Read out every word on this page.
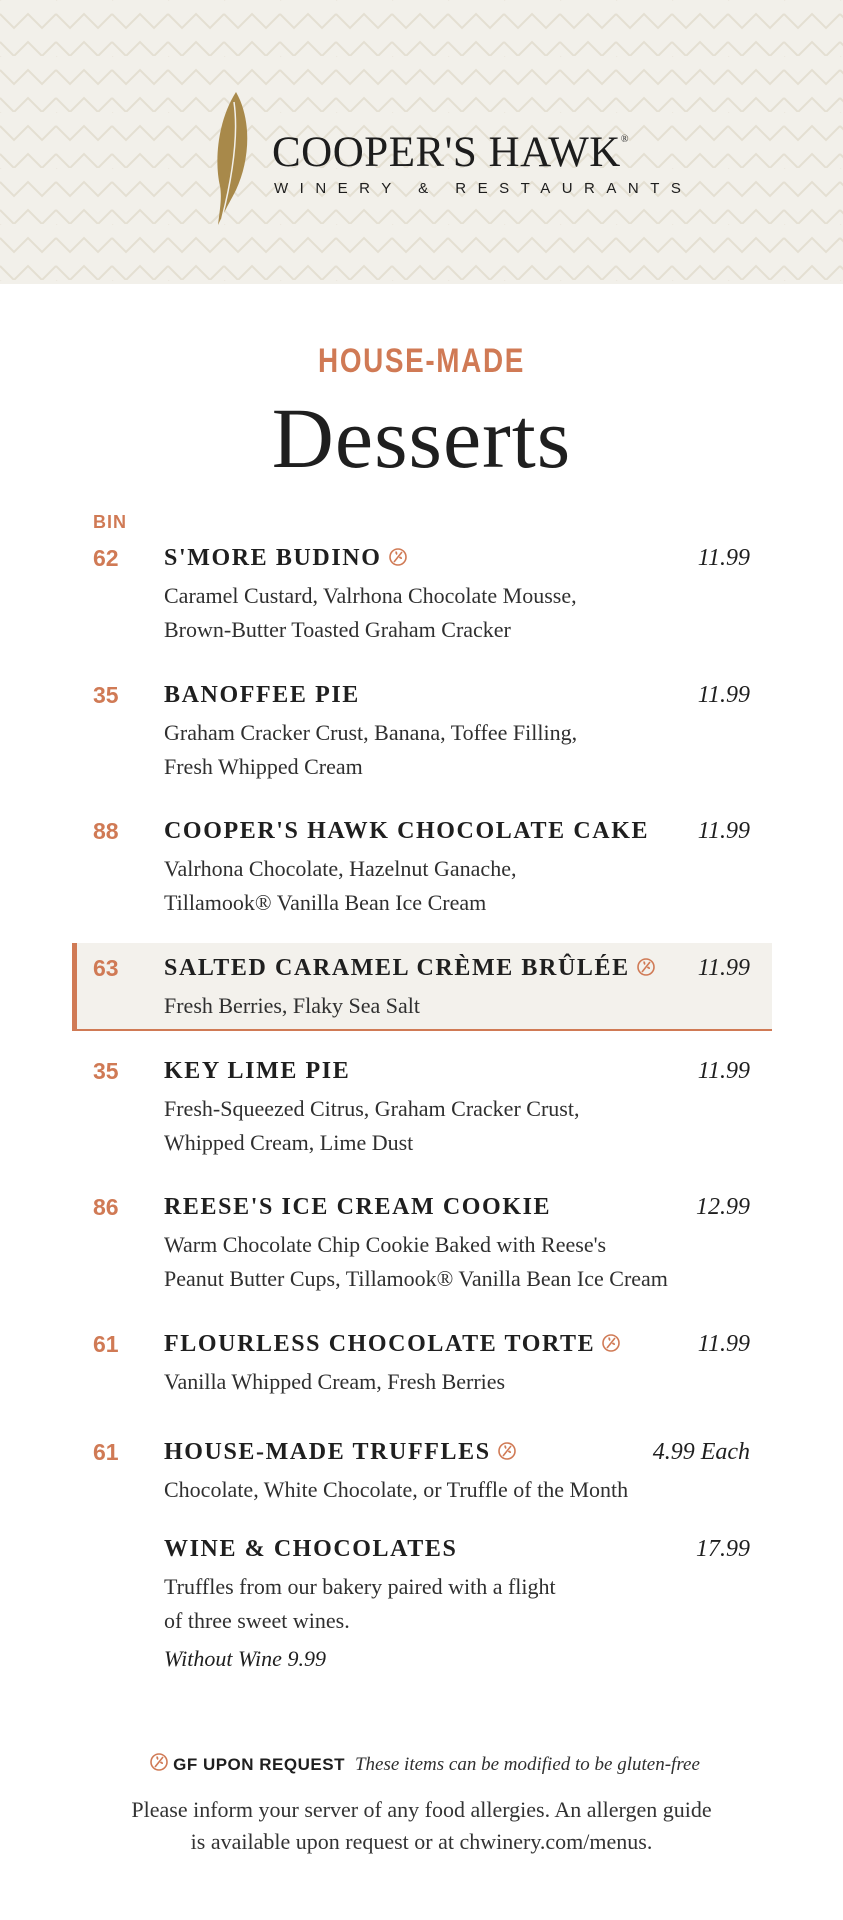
COOPER'S HAWK®
WINERY & RESTAURANTS
HOUSE-MADE
Desserts
BIN
62 S'MORE BUDINO	11.99
Caramel Custard, Valrhona Chocolate Mousse,
Brown-Butter Toasted Graham Cracker
35 BANOFFEE PIE	11.99
Graham Cracker Crust, Banana, Toffee Filling,
Fresh Whipped Cream
88 COOPER'S HAWK CHOCOLATE CAKE 11.99
Valrhona Chocolate, Hazelnut Ganache,
Tillamook® Vanilla Bean Ice Cream
63 SALTED CARAMEL CRÈME BRÛLÉE	11.99
Fresh Berries, Flaky Sea Salt
35 KEY LIME PIE	11.99
Fresh-Squeezed Citrus, Graham Cracker Crust,
Whipped Cream, Lime Dust
86 REESE'S ICE CREAM COOKIE	12.99
Warm Chocolate Chip Cookie Baked with Reese's
Peanut Butter Cups, Tillamook® Vanilla Bean Ice Cream
61 FLOURLESS CHOCOLATE TORTE	11.99
Vanilla Whipped Cream, Fresh Berries
61 HOUSE-MADE TRUFFLES	4.99 Each
Chocolate, White Chocolate, or Truffle of the Month
WINE & CHOCOLATES	17.99
Truffles from our bakery paired with a flight
of three sweet wines.
Without Wine 9.99
GF UPON REQUEST These items can be modified to be gluten-free
Please inform your server of any food allergies. An allergen guide
is available upon request or at chwinery.com/menus.
